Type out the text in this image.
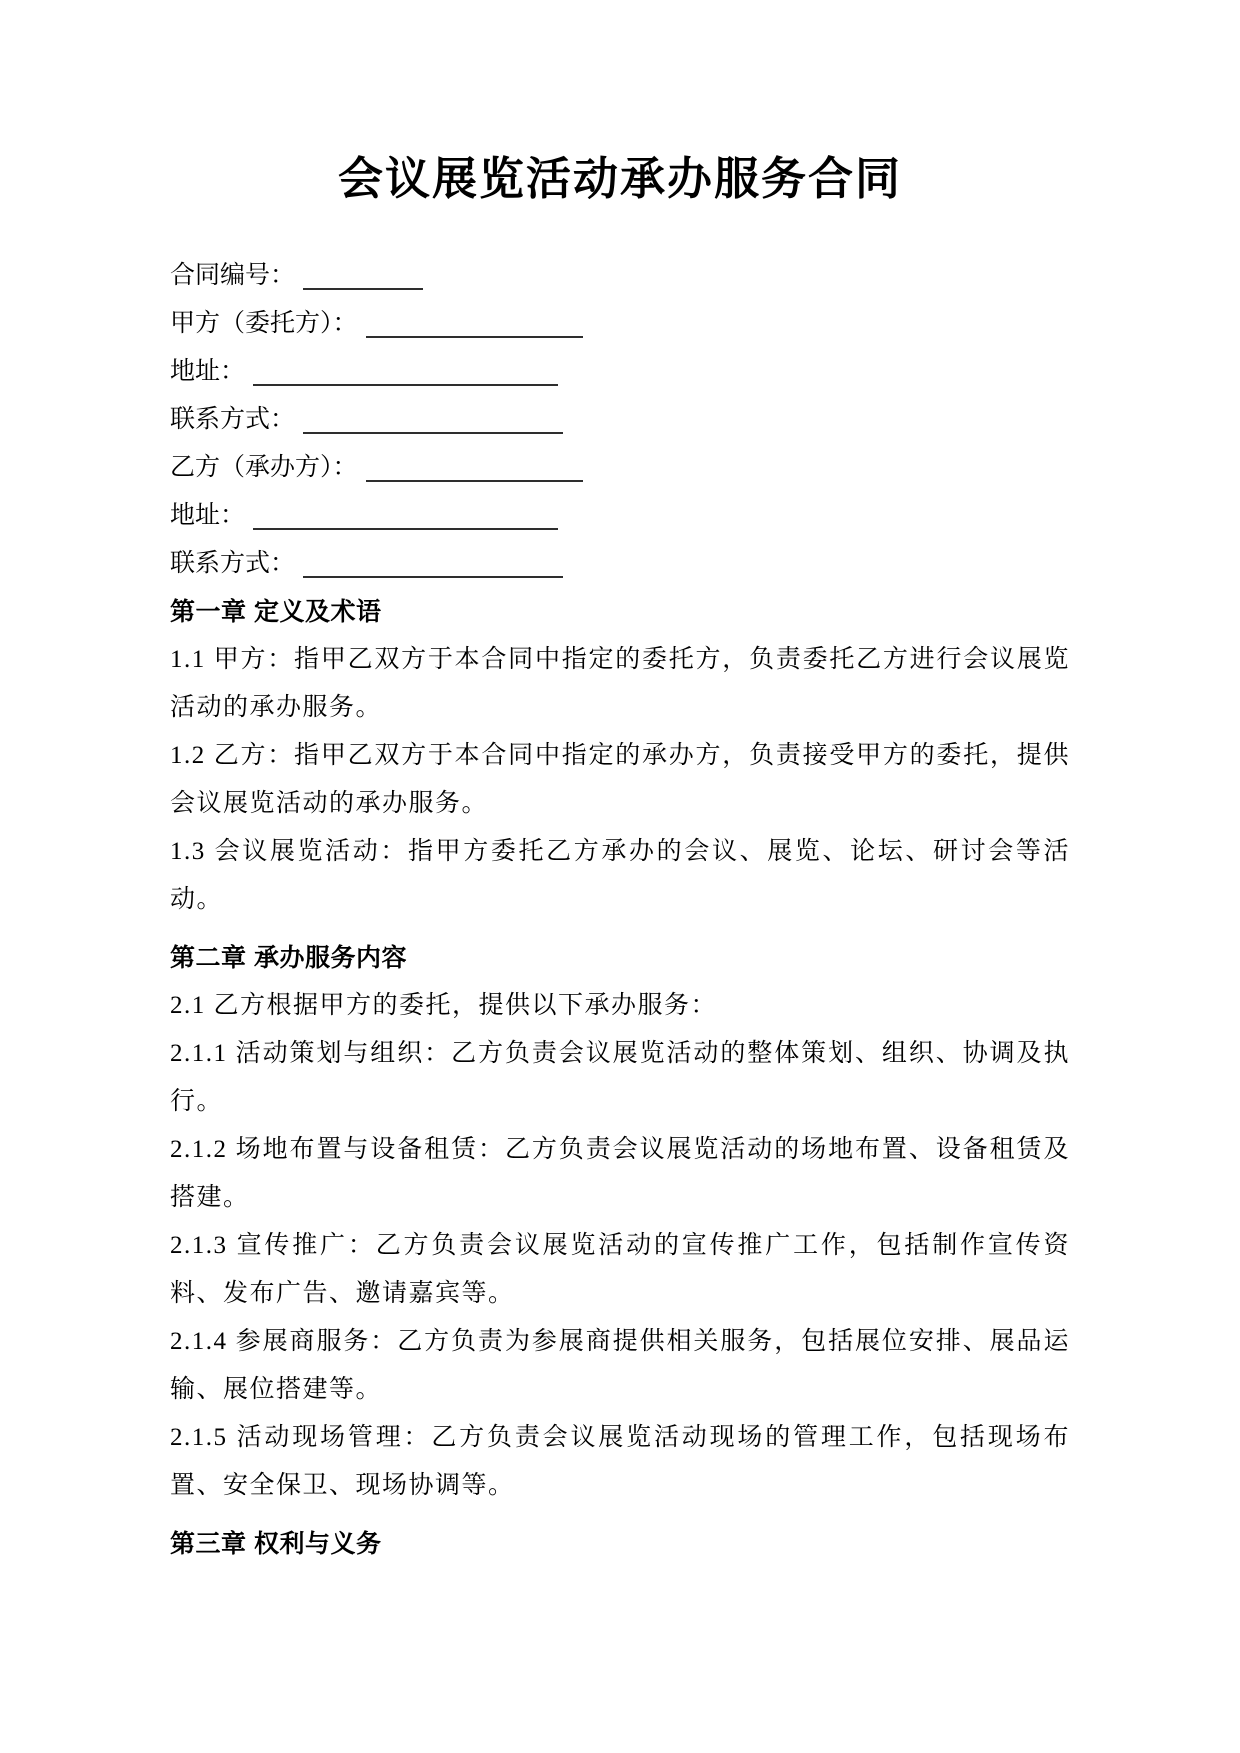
会议展览活动承办服务合同
合同编号：
甲方（委托方）：
地址：
联系方式：
乙方（承办方）：
地址：
联系方式：
第一章 定义及术语

1.1 甲方：指甲乙双方于本合同中指定的委托方，负责委托乙方进行会议展览活动的承办服务。

1.2 乙方：指甲乙双方于本合同中指定的承办方，负责接受甲方的委托，提供会议展览活动的承办服务。

1.3 会议展览活动：指甲方委托乙方承办的会议、展览、论坛、研讨会等活动。

第二章 承办服务内容

2.1 乙方根据甲方的委托，提供以下承办服务：

2.1.1 活动策划与组织：乙方负责会议展览活动的整体策划、组织、协调及执行。

2.1.2 场地布置与设备租赁：乙方负责会议展览活动的场地布置、设备租赁及搭建。

2.1.3 宣传推广：乙方负责会议展览活动的宣传推广工作，包括制作宣传资料、发布广告、邀请嘉宾等。

2.1.4 参展商服务：乙方负责为参展商提供相关服务，包括展位安排、展品运输、展位搭建等。

2.1.5 活动现场管理：乙方负责会议展览活动现场的管理工作，包括现场布置、安全保卫、现场协调等。

第三章 权利与义务
